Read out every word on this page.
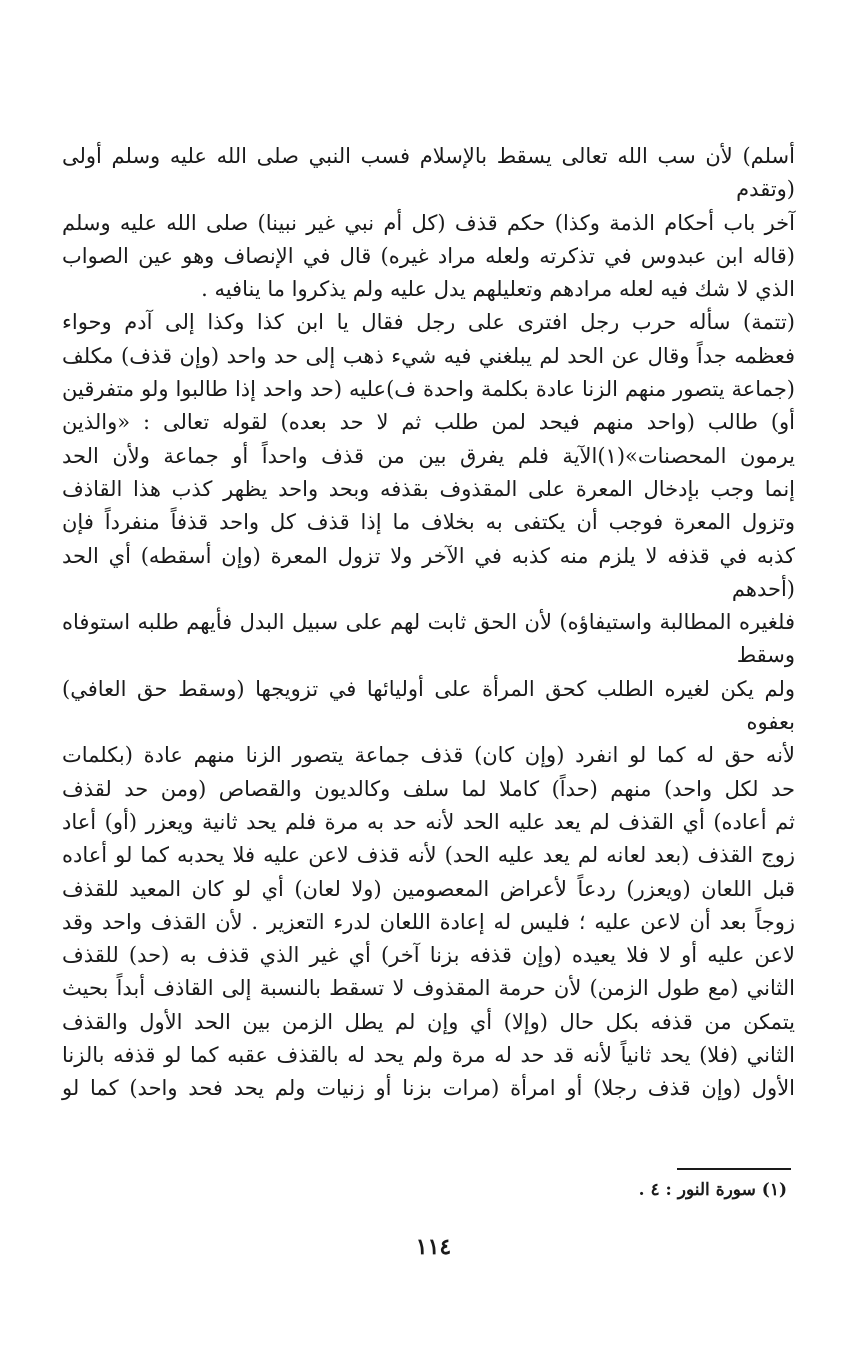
أسلم) لأن سب الله تعالى يسقط بالإسلام فسب النبي صلى الله عليه وسلم أولى (وتقدم
آخر باب أحكام الذمة وكذا) حكم قذف (كل أم نبي غير نبينا) صلى الله عليه وسلم
(قاله ابن عبدوس في تذكرته ولعله مراد غيره) قال في الإنصاف وهو عين الصواب
الذي لا شك فيه لعله مرادهم وتعليلهم يدل عليه ولم يذكروا ما ينافيه .
(تتمة) سأله حرب رجل افترى على رجل فقال يا ابن كذا وكذا إلى آدم وحواء
فعظمه جداً وقال عن الحد لم يبلغني فيه شيء ذهب إلى حد واحد (وإن قذف) مكلف
(جماعة يتصور منهم الزنا عادة بكلمة واحدة ف)عليه (حد واحد إذا طالبوا ولو متفرقين
أو) طالب (واحد منهم فيحد لمن طلب ثم لا حد بعده) لقوله تعالى : «والذين
يرمون المحصنات»(١)الآية فلم يفرق بين من قذف واحداً أو جماعة ولأن الحد
إنما وجب بإدخال المعرة على المقذوف بقذفه وبحد واحد يظهر كذب هذا القاذف
وتزول المعرة فوجب أن يكتفى به بخلاف ما إذا قذف كل واحد قذفاً منفرداً فإن
كذبه في قذفه لا يلزم منه كذبه في الآخر ولا تزول المعرة (وإن أسقطه) أي الحد (أحدهم
فلغيره المطالبة واستيفاؤه) لأن الحق ثابت لهم على سبيل البدل فأيهم طلبه استوفاه وسقط
ولم يكن لغيره الطلب كحق المرأة على أوليائها في تزويجها (وسقط حق العافي) بعفوه
لأنه حق له كما لو انفرد (وإن كان) قذف جماعة يتصور الزنا منهم عادة (بكلمات
حد لكل واحد) منهم (حداً) كاملا لما سلف وكالديون والقصاص (ومن حد لقذف
ثم أعاده) أي القذف لم يعد عليه الحد لأنه حد به مرة فلم يحد ثانية ويعزر (أو) أعاد
زوج القذف (بعد لعانه لم يعد عليه الحد) لأنه قذف لاعن عليه فلا يحدبه كما لو أعاده
قبل اللعان (ويعزر) ردعاً لأعراض المعصومين (ولا لعان) أي لو كان المعيد للقذف
زوجاً بعد أن لاعن عليه ؛ فليس له إعادة اللعان لدرء التعزير . لأن القذف واحد وقد
لاعن عليه أو لا فلا يعيده (وإن قذفه بزنا آخر) أي غير الذي قذف به (حد) للقذف
الثاني (مع طول الزمن) لأن حرمة المقذوف لا تسقط بالنسبة إلى القاذف أبداً بحيث
يتمكن من قذفه بكل حال (وإلا) أي وإن لم يطل الزمن بين الحد الأول والقذف
الثاني (فلا) يحد ثانياً لأنه قد حد له مرة ولم يحد له بالقذف عقبه كما لو قذفه بالزنا
الأول (وإن قذف رجلا) أو امرأة (مرات بزنا أو زنيات ولم يحد فحد واحد) كما لو

(١) سورة النور : ٤ .

١١٤
